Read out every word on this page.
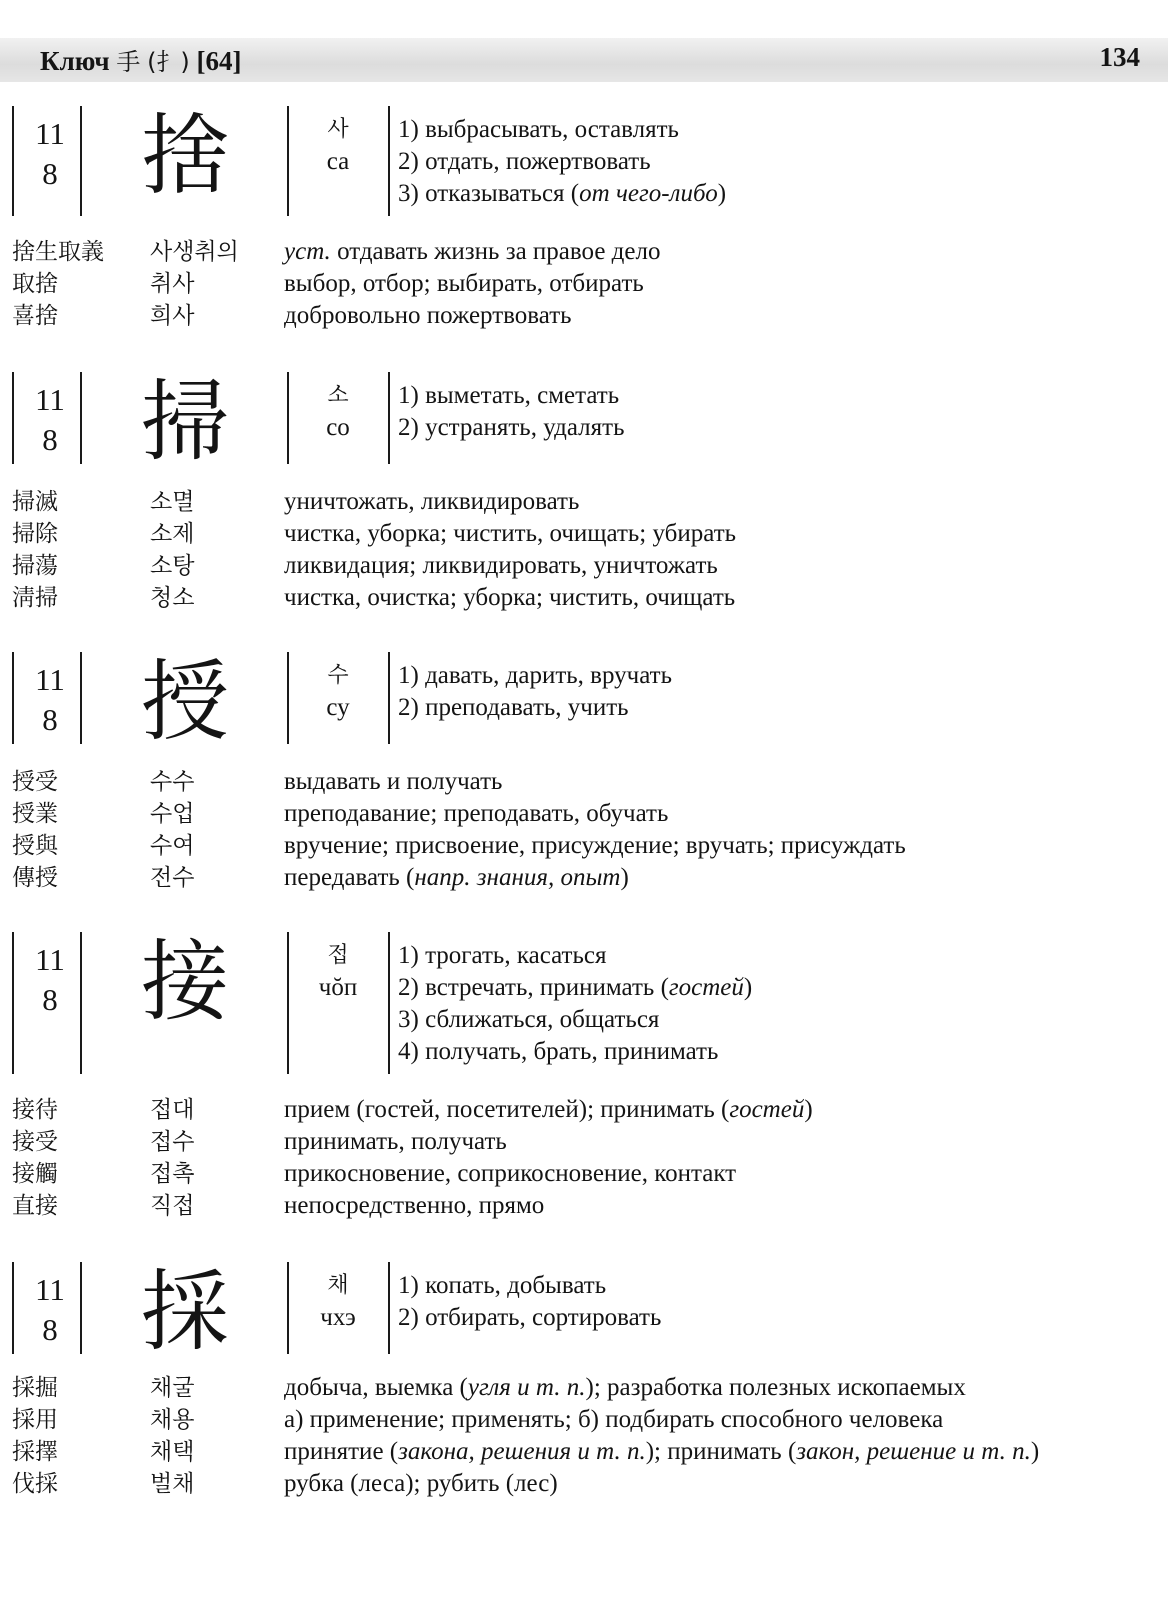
Ключ 手 (扌) [64]	134
11
8 捨	사
са
1) выбрасывать, оставлять
2) отдать, пожертвовать
3) отказываться (от чего-либо)
捨生取義 사생취의 уст. отдавать жизнь за правое дело
取捨	취사	выбор, отбор; выбирать, отбирать
喜捨	희사	добровольно пожертвовать
11
8 掃	소
со
1) выметать, сметать
2) устранять, удалять
掃滅	소멸	уничтожать, ликвидировать
掃除	소제	чистка, уборка; чистить, очищать; убирать
掃蕩	소탕	ликвидация; ликвидировать, уничтожать
淸掃	청소	чистка, очистка; уборка; чистить, очищать
11
8 授	수
су
1) давать, дарить, вручать
2) преподавать, учить
授受	수수	выдавать и получать
授業	수업	преподавание; преподавать, обучать
授與	수여	вручение; присвоение, присуждение; вручать; присуждать
傳授	전수	передавать (напр. знания, опыт)
11
8 接	접
чŏп
1) трогать, касаться
2) встречать, принимать (гостей)
3) сближаться, общаться
4) получать, брать, принимать
接待	접대	прием (гостей, посетителей); принимать (гостей)
接受	접수	принимать, получать
接觸	접촉	прикосновение, соприкосновение, контакт
直接	직접	непосредственно, прямо
11
8 採	채
чхэ
1) копать, добывать
2) отбирать, сортировать
採掘	채굴	добыча, выемка (угля и т. п.); разработка полезных ископаемых
採用	채용	а) применение; применять; б) подбирать способного человека
採擇	채택	принятие (закона, решения и т. п.); принимать (закон, решение и т. п.)
伐採	벌채	рубка (леса); рубить (лес)
